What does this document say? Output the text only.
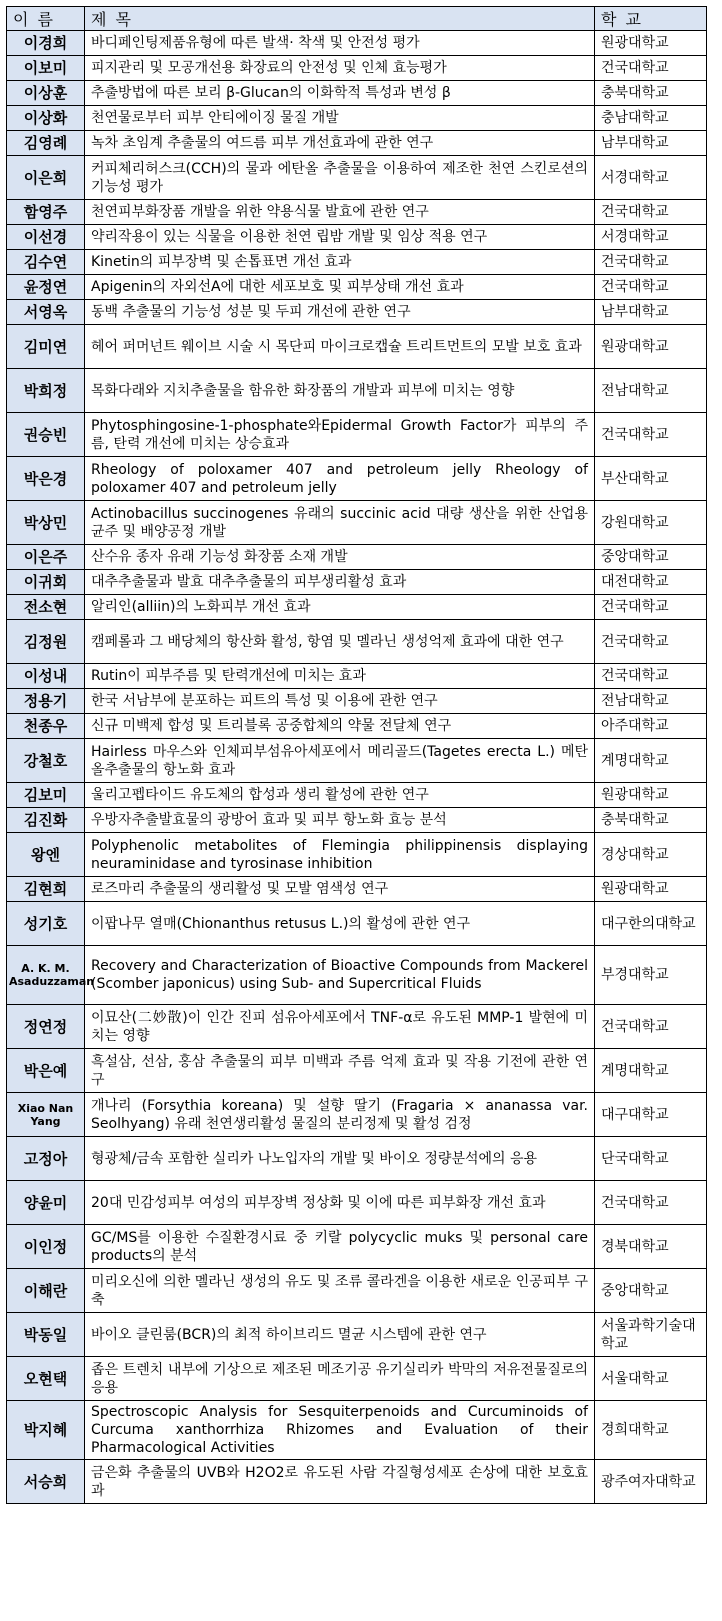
이 름	제 목	학 교
이경희	바디페인팅제품유형에 따른 발색· 착색 및 안전성 평가	원광대학교
이보미	피지관리 및 모공개선용 화장료의 안전성 및 인체 효능평가	건국대학교
이상훈	추출방법에 따른 보리 β-Glucan의 이화학적 특성과 변성 β	충북대학교
이상화	천연물로부터 피부 안티에이징 물질 개발	충남대학교
김영례	녹차 초임계 추출물의 여드름 피부 개선효과에 관한 연구	남부대학교
이은희	커피체리허스크(CCH)의 물과 에탄올 추출물을 이용하여 제조한 천연 스킨로션의 기능성 평가	서경대학교
함영주	천연피부화장품 개발을 위한 약용식물 발효에 관한 연구	건국대학교
이선경	약리작용이 있는 식물을 이용한 천연 립밤 개발 및 임상 적용 연구	서경대학교
김수연	Kinetin의 피부장벽 및 손톱표면 개선 효과	건국대학교
윤정연	Apigenin의 자외선A에 대한 세포보호 및 피부상태 개선 효과	건국대학교
서영옥	동백 추출물의 기능성 성분 및 두피 개선에 관한 연구	남부대학교
김미연	헤어 퍼머넌트 웨이브 시술 시 목단피 마이크로캡슐 트리트먼트의 모발 보호 효과	원광대학교
박희정	목화다래와 지치추출물을 함유한 화장품의 개발과 피부에 미치는 영향	전남대학교
권승빈	Phytosphingosine-1-phosphate와Epidermal Growth Factor가 피부의 주름, 탄력 개선에 미치는 상승효과	건국대학교
박은경	Rheology of poloxamer 407 and petroleum jelly Rheology of poloxamer 407 and petroleum jelly	부산대학교
박상민	Actinobacillus succinogenes 유래의 succinic acid 대량 생산을 위한 산업용 균주 및 배양공정 개발	강원대학교
이은주	산수유 종자 유래 기능성 화장품 소재 개발	중앙대학교
이귀회	대추추출물과 발효 대추추출물의 피부생리활성 효과	대전대학교
전소현	알리인(alliin)의 노화피부 개선 효과	건국대학교
김정원	캠페롤과 그 배당체의 항산화 활성, 항염 및 멜라닌 생성억제 효과에 대한 연구	건국대학교
이성내	Rutin이 피부주름 및 탄력개선에 미치는 효과	건국대학교
정용기	한국 서남부에 분포하는 피트의 특성 및 이용에 관한 연구	전남대학교
천종우	신규 미백제 합성 및 트리블록 공중합체의 약물 전달체 연구	아주대학교
강철호	Hairless 마우스와 인체피부섬유아세포에서 메리골드(Tagetes erecta L.) 메탄올추출물의 항노화 효과	계명대학교
김보미	울리고펩타이드 유도체의 합성과 생리 활성에 관한 연구	원광대학교
김진화	우방자추출발효물의 광방어 효과 및 피부 항노화 효능 분석	충북대학교
왕엔	Polyphenolic metabolites of Flemingia philippinensis displaying neuraminidase and tyrosinase inhibition	경상대학교
김현희	로즈마리 추출물의 생리활성 및 모발 염색성 연구	원광대학교
성기호	이팝나무 열매(Chionanthus retusus L.)의 활성에 관한 연구	대구한의대학교
A. K. M. Asaduzzaman	Recovery and Characterization of Bioactive Compounds from Mackerel (Scomber japonicus) using Sub- and Supercritical Fluids	부경대학교
정연정	이묘산(二妙散)이 인간 진피 섬유아세포에서 TNF-α로 유도된 MMP-1 발현에 미치는 영향	건국대학교
박은예	흑설삼, 선삼, 홍삼 추출물의 피부 미백과 주름 억제 효과 및 작용 기전에 관한 연구	계명대학교
Xiao Nan Yang	개나리 (Forsythia koreana) 및 설향 딸기 (Fragaria × ananassa var. Seolhyang) 유래 천연생리활성 물질의 분리정제 및 활성 검정	대구대학교
고정아	형광체/금속 포함한 실리카 나노입자의 개발 및 바이오 정량분석에의 응용	단국대학교
양윤미	20대 민감성피부 여성의 피부장벽 정상화 및 이에 따른 피부화장 개선 효과	건국대학교
이인정	GC/MS를 이용한 수질환경시료 중 키랄 polycyclic muks 및 personal care products의 분석	경북대학교
이해란	미리오신에 의한 멜라닌 생성의 유도 및 조류 콜라겐을 이용한 새로운 인공피부 구축	중앙대학교
박동일	바이오 클린룸(BCR)의 최적 하이브리드 멸균 시스템에 관한 연구	서울과학기술대학교
오현택	좁은 트렌치 내부에 기상으로 제조된 메조기공 유기실리카 박막의 저유전물질로의 응용	서울대학교
박지혜	Spectroscopic Analysis for Sesquiterpenoids and Curcuminoids of Curcuma xanthorrhiza Rhizomes and Evaluation of their Pharmacological Activities	경희대학교
서승희	금은화 추출물의 UVB와 H2O2로 유도된 사람 각질형성세포 손상에 대한 보호효과	광주여자대학교
